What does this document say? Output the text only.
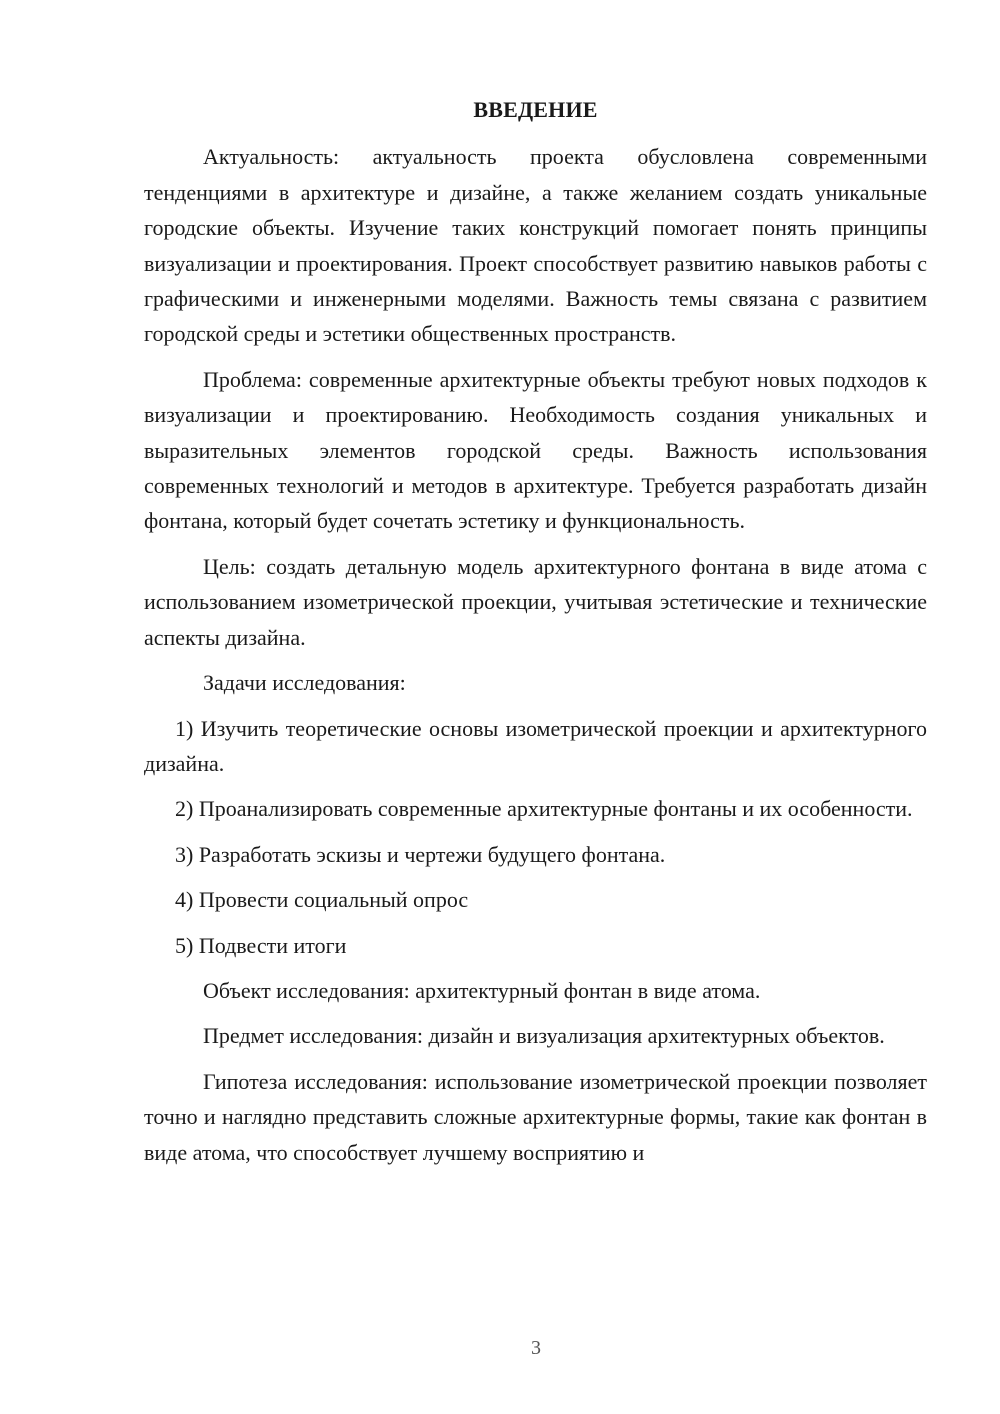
ВВЕДЕНИЕ

Актуальность: актуальность проекта обусловлена современными тенденциями в архитектуре и дизайне, а также желанием создать уникальные городские объекты. Изучение таких конструкций помогает понять принципы визуализации и проектирования. Проект способствует развитию навыков работы с графическими и инженерными моделями. Важность темы связана с развитием городской среды и эстетики общественных пространств.

Проблема: современные архитектурные объекты требуют новых подходов к визуализации и проектированию. Необходимость создания уникальных и выразительных элементов городской среды. Важность использования современных технологий и методов в архитектуре. Требуется разработать дизайн фонтана, который будет сочетать эстетику и функциональность.

Цель: создать детальную модель архитектурного фонтана в виде атома с использованием изометрической проекции, учитывая эстетические и технические аспекты дизайна.

Задачи исследования:

1) Изучить теоретические основы изометрической проекции и архитектурного дизайна.

2) Проанализировать современные архитектурные фонтаны и их особенности.

3) Разработать эскизы и чертежи будущего фонтана.

4) Провести социальный опрос

5) Подвести итоги

Объект исследования: архитектурный фонтан в виде атома.

Предмет исследования: дизайн и визуализация архитектурных объектов.

Гипотеза исследования: использование изометрической проекции позволяет точно и наглядно представить сложные архитектурные формы, такие как фонтан в виде атома, что способствует лучшему восприятию и

3
